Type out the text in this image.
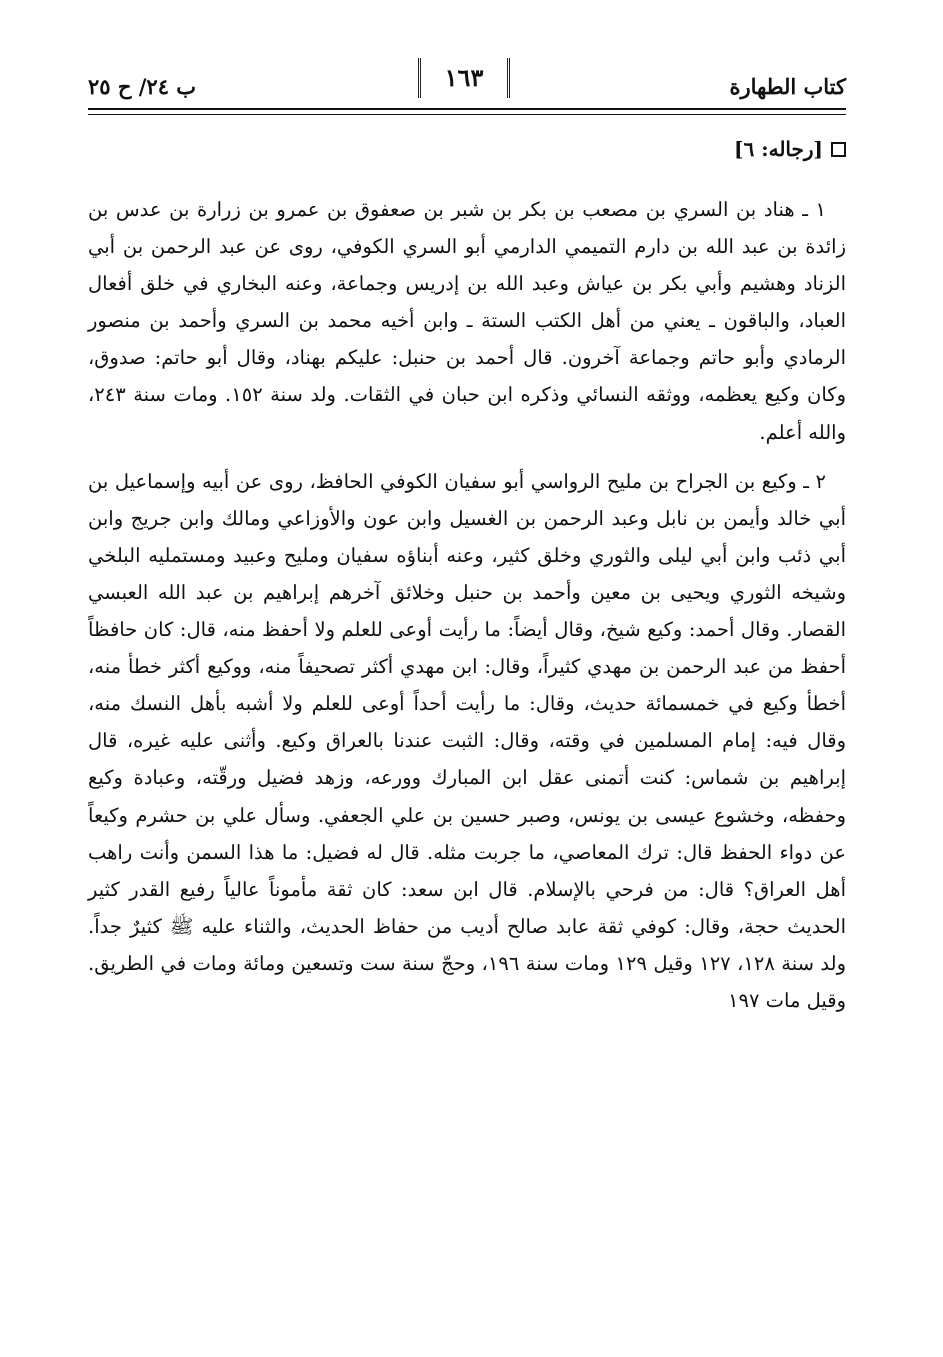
كتاب الطهارة
١٦٣
ب ٢٤/ ح ٢٥
[رجاله: ٦]

١ ـ هناد بن السري بن مصعب بن بكر بن شبر بن صعفوق بن عمرو بن زرارة بن عدس بن زائدة بن عبد الله بن دارم التميمي الدارمي أبو السري الكوفي، روى عن عبد الرحمن بن أبي الزناد وهشيم وأبي بكر بن عياش وعبد الله بن إدريس وجماعة، وعنه البخاري في خلق أفعال العباد، والباقون ـ يعني من أهل الكتب الستة ـ وابن أخيه محمد بن السري وأحمد بن منصور الرمادي وأبو حاتم وجماعة آخرون. قال أحمد بن حنبل: عليكم بهناد، وقال أبو حاتم: صدوق، وكان وكيع يعظمه، ووثقه النسائي وذكره ابن حبان في الثقات. ولد سنة ١٥٢. ومات سنة ٢٤٣، والله أعلم.

٢ ـ وكيع بن الجراح بن مليح الرواسي أبو سفيان الكوفي الحافظ، روى عن أبيه وإسماعيل بن أبي خالد وأيمن بن نابل وعبد الرحمن بن الغسيل وابن عون والأوزاعي ومالك وابن جريج وابن أبي ذئب وابن أبي ليلى والثوري وخلق كثير، وعنه أبناؤه سفيان ومليح وعبيد ومستمليه البلخي وشيخه الثوري ويحيى بن معين وأحمد بن حنبل وخلائق آخرهم إبراهيم بن عبد الله العبسي القصار. وقال أحمد: وكيع شيخ، وقال أيضاً: ما رأيت أوعى للعلم ولا أحفظ منه، قال: كان حافظاً أحفظ من عبد الرحمن بن مهدي كثيراً، وقال: ابن مهدي أكثر تصحيفاً منه، ووكيع أكثر خطأ منه، أخطأ وكيع في خمسمائة حديث، وقال: ما رأيت أحداً أوعى للعلم ولا أشبه بأهل النسك منه، وقال فيه: إمام المسلمين في وقته، وقال: الثبت عندنا بالعراق وكيع. وأثنى عليه غيره، قال إبراهيم بن شماس: كنت أتمنى عقل ابن المبارك وورعه، وزهد فضيل ورقّته، وعبادة وكيع وحفظه، وخشوع عيسى بن يونس، وصبر حسين بن علي الجعفي. وسأل علي بن حشرم وكيعاً عن دواء الحفظ قال: ترك المعاصي، ما جربت مثله. قال له فضيل: ما هذا السمن وأنت راهب أهل العراق؟ قال: من فرحي بالإسلام. قال ابن سعد: كان ثقة مأموناً عالياً رفيع القدر كثير الحديث حجة، وقال: كوفي ثقة عابد صالح أديب من حفاظ الحديث، والثناء عليه ﷺ كثيرٌ جداً. ولد سنة ١٢٨، ١٢٧ وقيل ١٢٩ ومات سنة ١٩٦، وحجّ سنة ست وتسعين ومائة ومات في الطريق. وقيل مات ١٩٧
